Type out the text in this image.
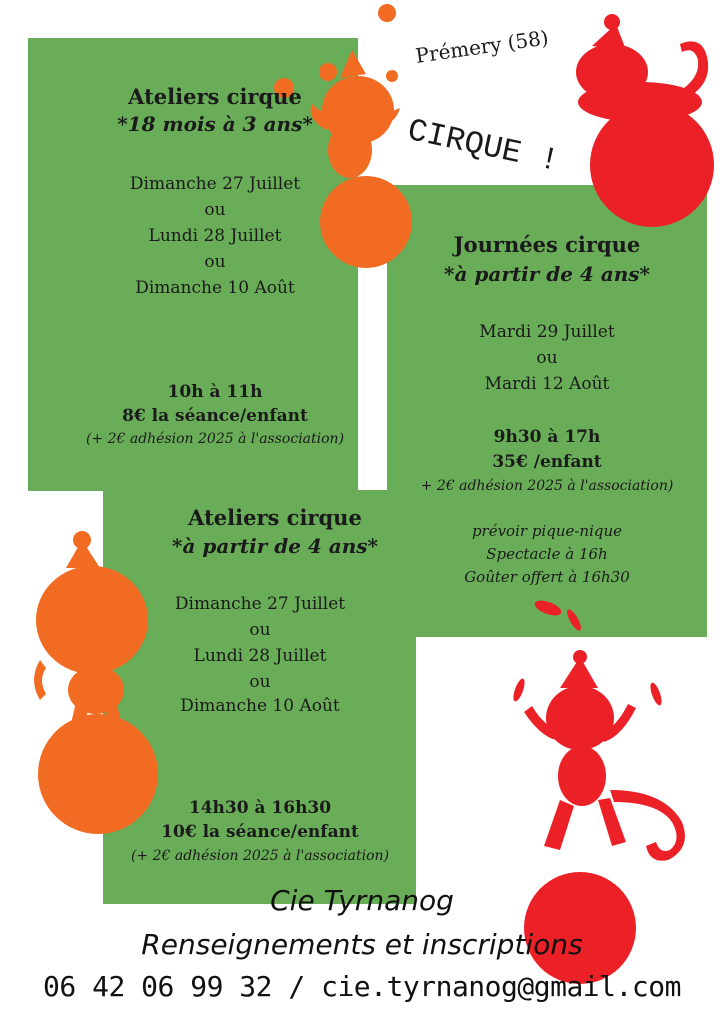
Prémery (58)
CIRQUE !
Ateliers cirque
*18 mois à 3 ans*
Dimanche 27 Juillet
ou
Lundi 28 Juillet
ou
Dimanche 10 Août
10h à 11h
8€ la séance/enfant
(+ 2€ adhésion 2025 à l'association)
Journées cirque
*à partir de 4 ans*
Mardi 29 Juillet
ou
Mardi 12 Août
9h30 à 17h
35€ /enfant
+ 2€ adhésion 2025 à l'association)
prévoir pique-nique
Spectacle à 16h
Goûter offert à 16h30
Ateliers cirque
*à partir de 4 ans*
Dimanche 27 Juillet
ou
Lundi 28 Juillet
ou
Dimanche 10 Août
14h30 à 16h30
10€ la séance/enfant
(+ 2€ adhésion 2025 à l'association)
Cie Tyrnanog
Renseignements et inscriptions
06 42 06 99 32 / cie.tyrnanog@gmail.com
